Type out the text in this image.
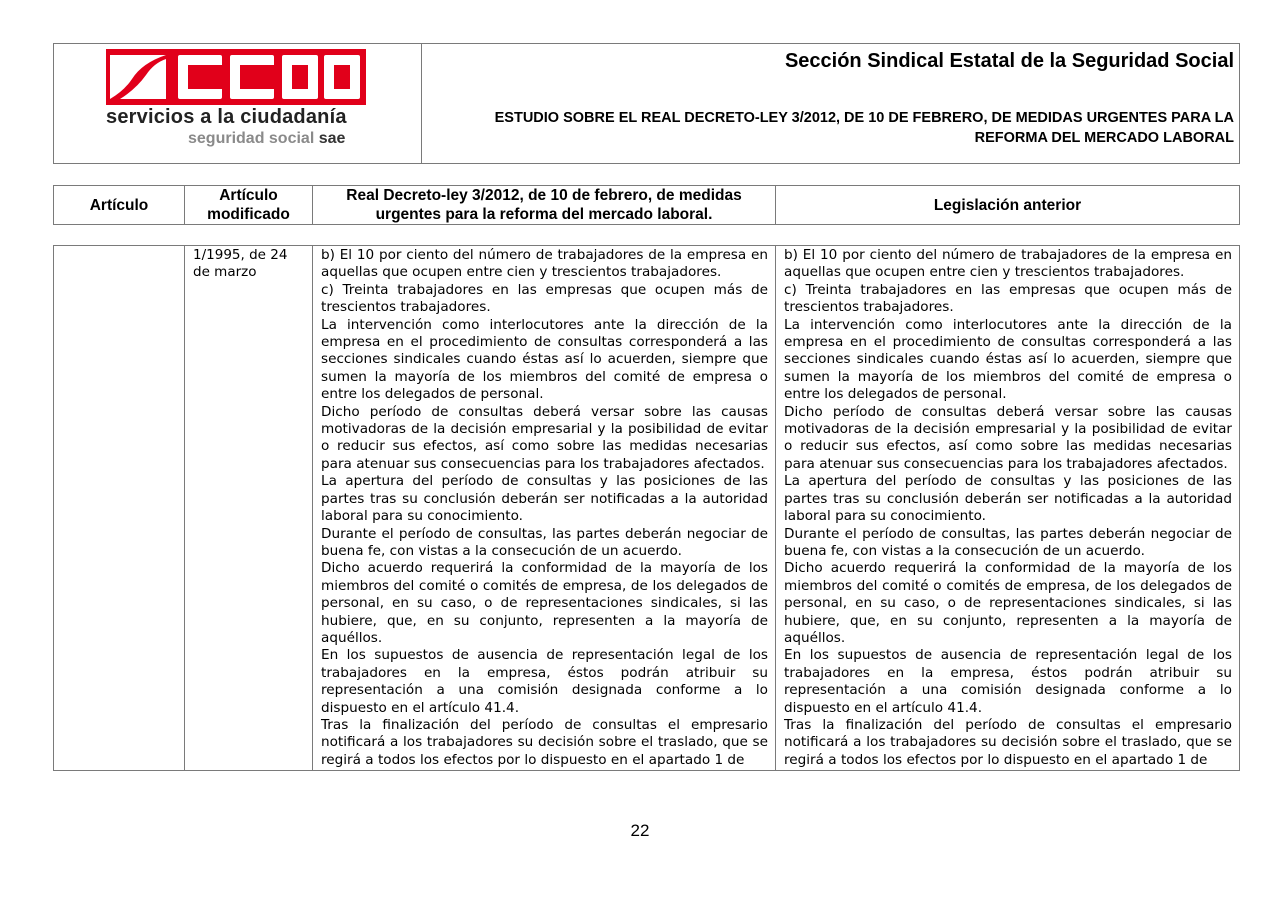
servicios a la ciudadanía
seguridad social sae
Sección Sindical Estatal de la Seguridad Social
ESTUDIO SOBRE EL REAL DECRETO-LEY 3/2012, DE 10 DE FEBRERO, DE MEDIDAS URGENTES PARA LA
REFORMA DEL MERCADO LABORAL
Artículo
Artículo modificado
Real Decreto-ley 3/2012, de 10 de febrero, de medidas urgentes para la reforma del mercado laboral.
Legislación anterior
1/1995, de 24 de marzo

b) El 10 por ciento del número de trabajadores de la empresa en aquellas que ocupen entre cien y trescientos trabajadores.

c) Treinta trabajadores en las empresas que ocupen más de trescientos trabajadores.

La intervención como interlocutores ante la dirección de la empresa en el procedimiento de consultas corresponderá a las secciones sindicales cuando éstas así lo acuerden, siempre que sumen la mayoría de los miembros del comité de empresa o entre los delegados de personal.

Dicho período de consultas deberá versar sobre las causas motivadoras de la decisión empresarial y la posibilidad de evitar o reducir sus efectos, así como sobre las medidas necesarias para atenuar sus consecuencias para los trabajadores afectados.

La apertura del período de consultas y las posiciones de las partes tras su conclusión deberán ser notificadas a la autoridad laboral para su conocimiento.

Durante el período de consultas, las partes deberán negociar de buena fe, con vistas a la consecución de un acuerdo.

Dicho acuerdo requerirá la conformidad de la mayoría de los miembros del comité o comités de empresa, de los delegados de personal, en su caso, o de representaciones sindicales, si las hubiere, que, en su conjunto, representen a la mayoría de aquéllos.

En los supuestos de ausencia de representación legal de los trabajadores en la empresa, éstos podrán atribuir su representación a una comisión designada conforme a lo dispuesto en el artículo 41.4.

Tras la finalización del período de consultas el empresario notificará a los trabajadores su decisión sobre el traslado, que se regirá a todos los efectos por lo dispuesto en el apartado 1 de

b) El 10 por ciento del número de trabajadores de la empresa en aquellas que ocupen entre cien y trescientos trabajadores.

c) Treinta trabajadores en las empresas que ocupen más de trescientos trabajadores.

La intervención como interlocutores ante la dirección de la empresa en el procedimiento de consultas corresponderá a las secciones sindicales cuando éstas así lo acuerden, siempre que sumen la mayoría de los miembros del comité de empresa o entre los delegados de personal.

Dicho período de consultas deberá versar sobre las causas motivadoras de la decisión empresarial y la posibilidad de evitar o reducir sus efectos, así como sobre las medidas necesarias para atenuar sus consecuencias para los trabajadores afectados.

La apertura del período de consultas y las posiciones de las partes tras su conclusión deberán ser notificadas a la autoridad laboral para su conocimiento.

Durante el período de consultas, las partes deberán negociar de buena fe, con vistas a la consecución de un acuerdo.

Dicho acuerdo requerirá la conformidad de la mayoría de los miembros del comité o comités de empresa, de los delegados de personal, en su caso, o de representaciones sindicales, si las hubiere, que, en su conjunto, representen a la mayoría de aquéllos.

En los supuestos de ausencia de representación legal de los trabajadores en la empresa, éstos podrán atribuir su representación a una comisión designada conforme a lo dispuesto en el artículo 41.4.

Tras la finalización del período de consultas el empresario notificará a los trabajadores su decisión sobre el traslado, que se regirá a todos los efectos por lo dispuesto en el apartado 1 de

22
